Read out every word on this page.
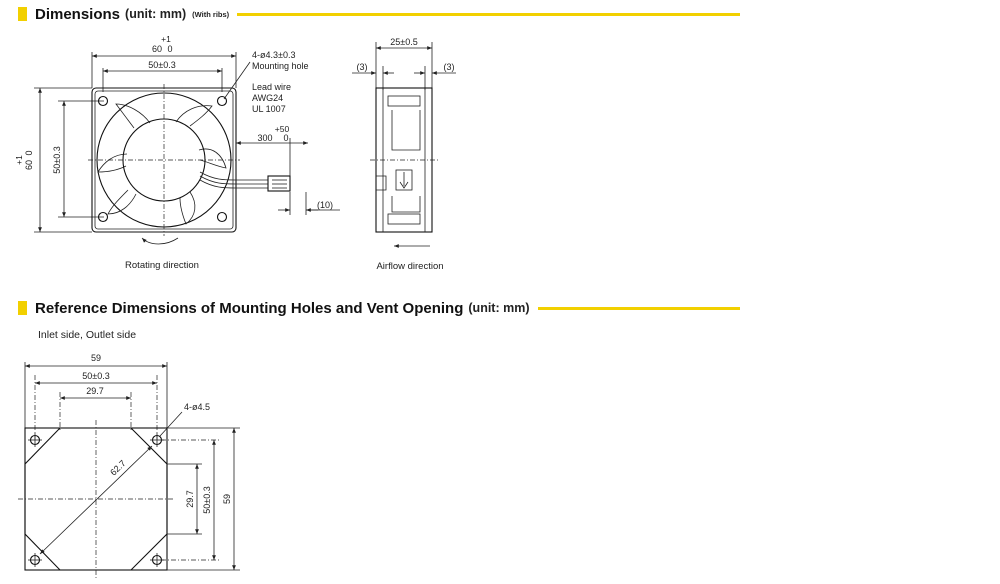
Dimensions (unit: mm) (With ribs)
Reference Dimensions of Mounting Holes and Vent Opening (unit: mm)
+1
60 0
50±0.3
+1 60
0 50±0.3
+50
300 0
(10)
4-ø4.3±0.3
Mounting hole
Lead wire
AWG24
UL 1007
Rotating direction
25±0.5
(3)	(3)
Airflow direction
Inlet side, Outlet side
59
50±0.3
29.7
62.7
4-ø4.5
29.7 50±0.3 59
